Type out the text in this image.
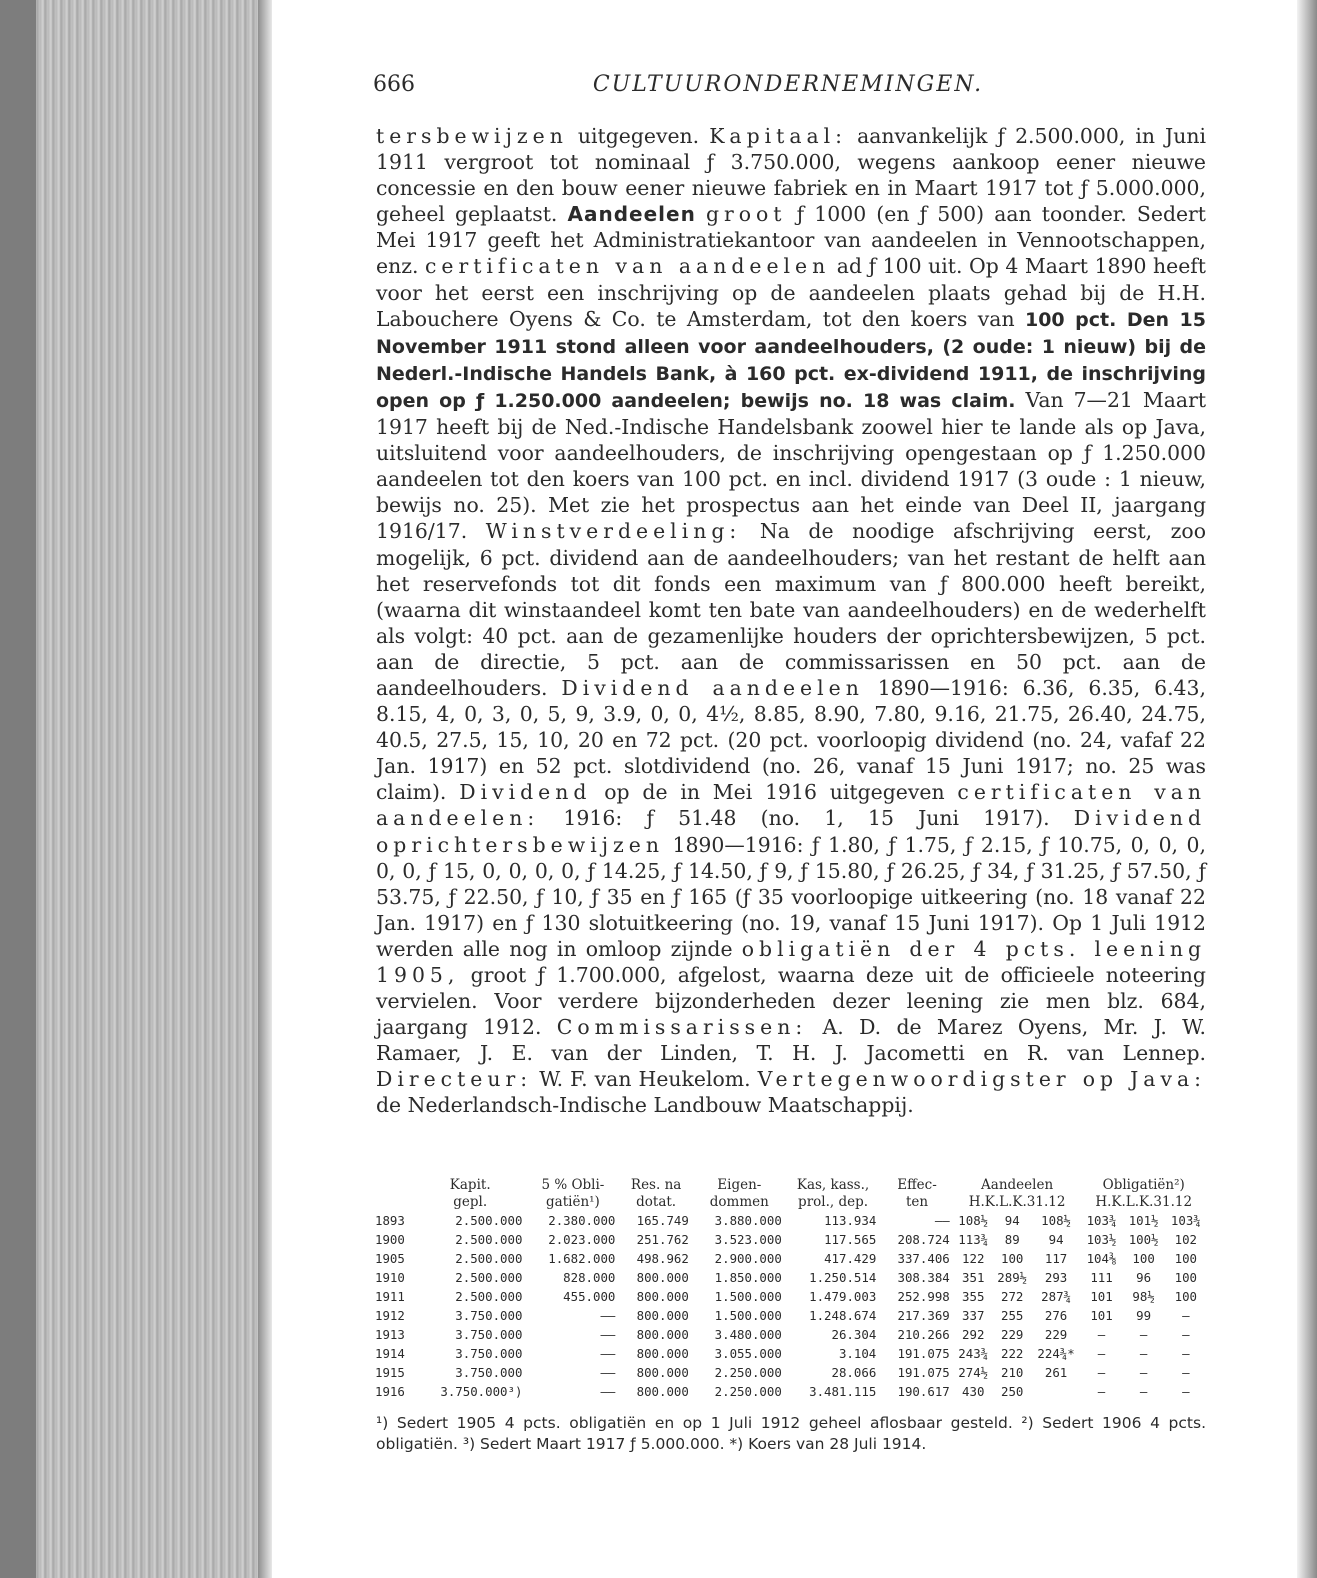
666	CULTUURONDERNEMINGEN.
tersbewijzen uitgegeven. Kapitaal: aanvankelijk ƒ 2.500.000, in Juni 1911 vergroot tot nominaal ƒ 3.750.000, wegens aankoop eener nieuwe concessie en den bouw eener nieuwe fabriek en in Maart 1917 tot ƒ 5.000.000, geheel geplaatst. Aandeelen groot ƒ 1000 (en ƒ 500) aan toonder. Sedert Mei 1917 geeft het Administratiekantoor van aandeelen in Vennootschappen, enz. certificaten van aandeelen ad ƒ 100 uit. Op 4 Maart 1890 heeft voor het eerst een inschrijving op de aandeelen plaats gehad bij de H.H. Labouchere Oyens & Co. te Amsterdam, tot den koers van 100 pct. Den 15 November 1911 stond alleen voor aandeelhouders, (2 oude: 1 nieuw) bij de Nederl.-Indische Handels Bank, à 160 pct. ex-dividend 1911, de inschrijving open op ƒ 1.250.000 aandeelen; bewijs no. 18 was claim. Van 7—21 Maart 1917 heeft bij de Ned.-Indische Handelsbank zoowel hier te lande als op Java, uitsluitend voor aandeelhouders, de inschrijving opengestaan op ƒ 1.250.000 aandeelen tot den koers van 100 pct. en incl. dividend 1917 (3 oude : 1 nieuw, bewijs no. 25). Met zie het prospectus aan het einde van Deel II, jaargang 1916/17. Winstverdeeling: Na de noodige afschrijving eerst, zoo mogelijk, 6 pct. dividend aan de aandeelhouders; van het restant de helft aan het reservefonds tot dit fonds een maximum van ƒ 800.000 heeft bereikt, (waarna dit winstaandeel komt ten bate van aandeelhouders) en de wederhelft als volgt: 40 pct. aan de gezamenlijke houders der oprichtersbewijzen, 5 pct. aan de directie, 5 pct. aan de commissarissen en 50 pct. aan de aandeelhouders. Dividend aandeelen 1890—1916: 6.36, 6.35, 6.43, 8.15, 4, 0, 3, 0, 5, 9, 3.9, 0, 0, 4½, 8.85, 8.90, 7.80, 9.16, 21.75, 26.40, 24.75, 40.5, 27.5, 15, 10, 20 en 72 pct. (20 pct. voorloopig dividend (no. 24, vafaf 22 Jan. 1917) en 52 pct. slotdividend (no. 26, vanaf 15 Juni 1917; no. 25 was claim). Dividend op de in Mei 1916 uitgegeven certificaten van aandeelen: 1916: ƒ 51.48 (no. 1, 15 Juni 1917). Dividend oprichtersbewijzen 1890—1916: ƒ 1.80, ƒ 1.75, ƒ 2.15, ƒ 10.75, 0, 0, 0, 0, 0, ƒ 15, 0, 0, 0, 0, ƒ 14.25, ƒ 14.50, ƒ 9, ƒ 15.80, ƒ 26.25, ƒ 34, ƒ 31.25, ƒ 57.50, ƒ 53.75, ƒ 22.50, ƒ 10, ƒ 35 en ƒ 165 (ƒ 35 voorloopige uitkeering (no. 18 vanaf 22 Jan. 1917) en ƒ 130 slotuitkeering (no. 19, vanaf 15 Juni 1917). Op 1 Juli 1912 werden alle nog in omloop zijnde obligatiën der 4 pcts. leening 1905, groot ƒ 1.700.000, afgelost, waarna deze uit de officieele noteering vervielen. Voor verdere bijzonderheden dezer leening zie men blz. 684, jaargang 1912. Commissarissen: A. D. de Marez Oyens, Mr. J. W. Ramaer, J. E. van der Linden, T. H. J. Jacometti en R. van Lennep. Directeur: W. F. van Heukelom. Vertegenwoordigster op Java: de Nederlandsch-Indische Landbouw Maatschappij.
	Kapit.	5 % Obli-	Res. na	Eigen-	Kas, kass.,	Effec-	Aandeelen			Obligatiën²)		
	gepl.	gatiën¹)	dotat.	dommen	prol., dep.	ten	H.K.L.K.31.12			H.K.L.K.31.12		
1893	2.500.000	2.380.000	165.749	3.880.000	113.934	——	108½	94	108½	103¾	101½	103¾
1900	2.500.000	2.023.000	251.762	3.523.000	117.565	208.724	113¾	89	94	103½	100½	102
1905	2.500.000	1.682.000	498.962	2.900.000	417.429	337.406	122	100	117	104⅜	100	100
1910	2.500.000	828.000	800.000	1.850.000	1.250.514	308.384	351	289½	293	111	96	100
1911	2.500.000	455.000	800.000	1.500.000	1.479.003	252.998	355	272	287¾	101	98½	100
1912	3.750.000	——	800.000	1.500.000	1.248.674	217.369	337	255	276	101	99	—
1913	3.750.000	——	800.000	3.480.000	26.304	210.266	292	229	229	—	—	—
1914	3.750.000	——	800.000	3.055.000	3.104	191.075	243¾	222	224¾*	—	—	—
1915	3.750.000	——	800.000	2.250.000	28.066	191.075	274½	210	261	—	—	—
1916	3.750.000³)	——	800.000	2.250.000	3.481.115	190.617	430	250		—	—	—
¹) Sedert 1905 4 pcts. obligatiën en op 1 Juli 1912 geheel aflosbaar gesteld. ²) Sedert 1906 4 pcts. obligatiën. ³) Sedert Maart 1917 ƒ 5.000.000. *) Koers van 28 Juli 1914.
